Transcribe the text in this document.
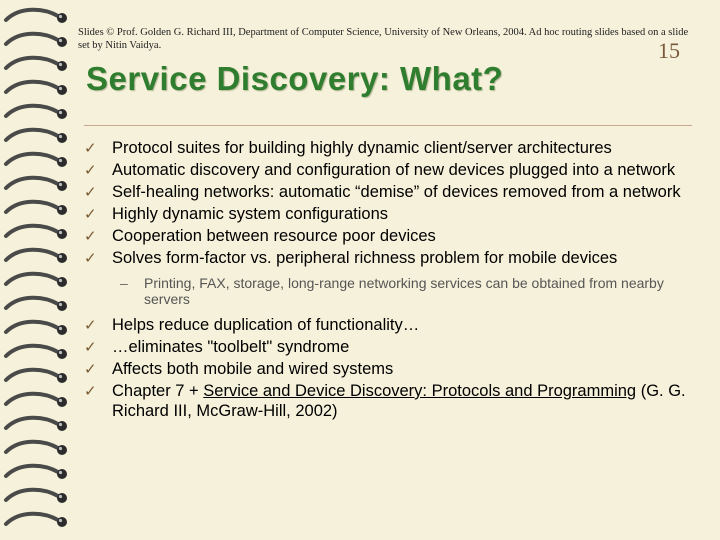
Slides © Prof. Golden G. Richard III, Department of Computer Science, University of New Orleans, 2004. Ad hoc routing slides based on a slide set by Nitin Vaidya.	15
Service Discovery: What?
✓ Protocol suites for building highly dynamic client/server architectures
✓ Automatic discovery and configuration of new devices plugged into a network
✓ Self-healing networks: automatic “demise” of devices removed from a network
✓ Highly dynamic system configurations
✓ Cooperation between resource poor devices
✓ Solves form-factor vs. peripheral richness problem for mobile devices
– Printing, FAX, storage, long-range networking services can be obtained from nearby servers
✓ Helps reduce duplication of functionality…
✓ …eliminates "toolbelt" syndrome
✓ Affects both mobile and wired systems
✓ Chapter 7 + Service and Device Discovery: Protocols and Programming (G. G. Richard III, McGraw-Hill, 2002)
